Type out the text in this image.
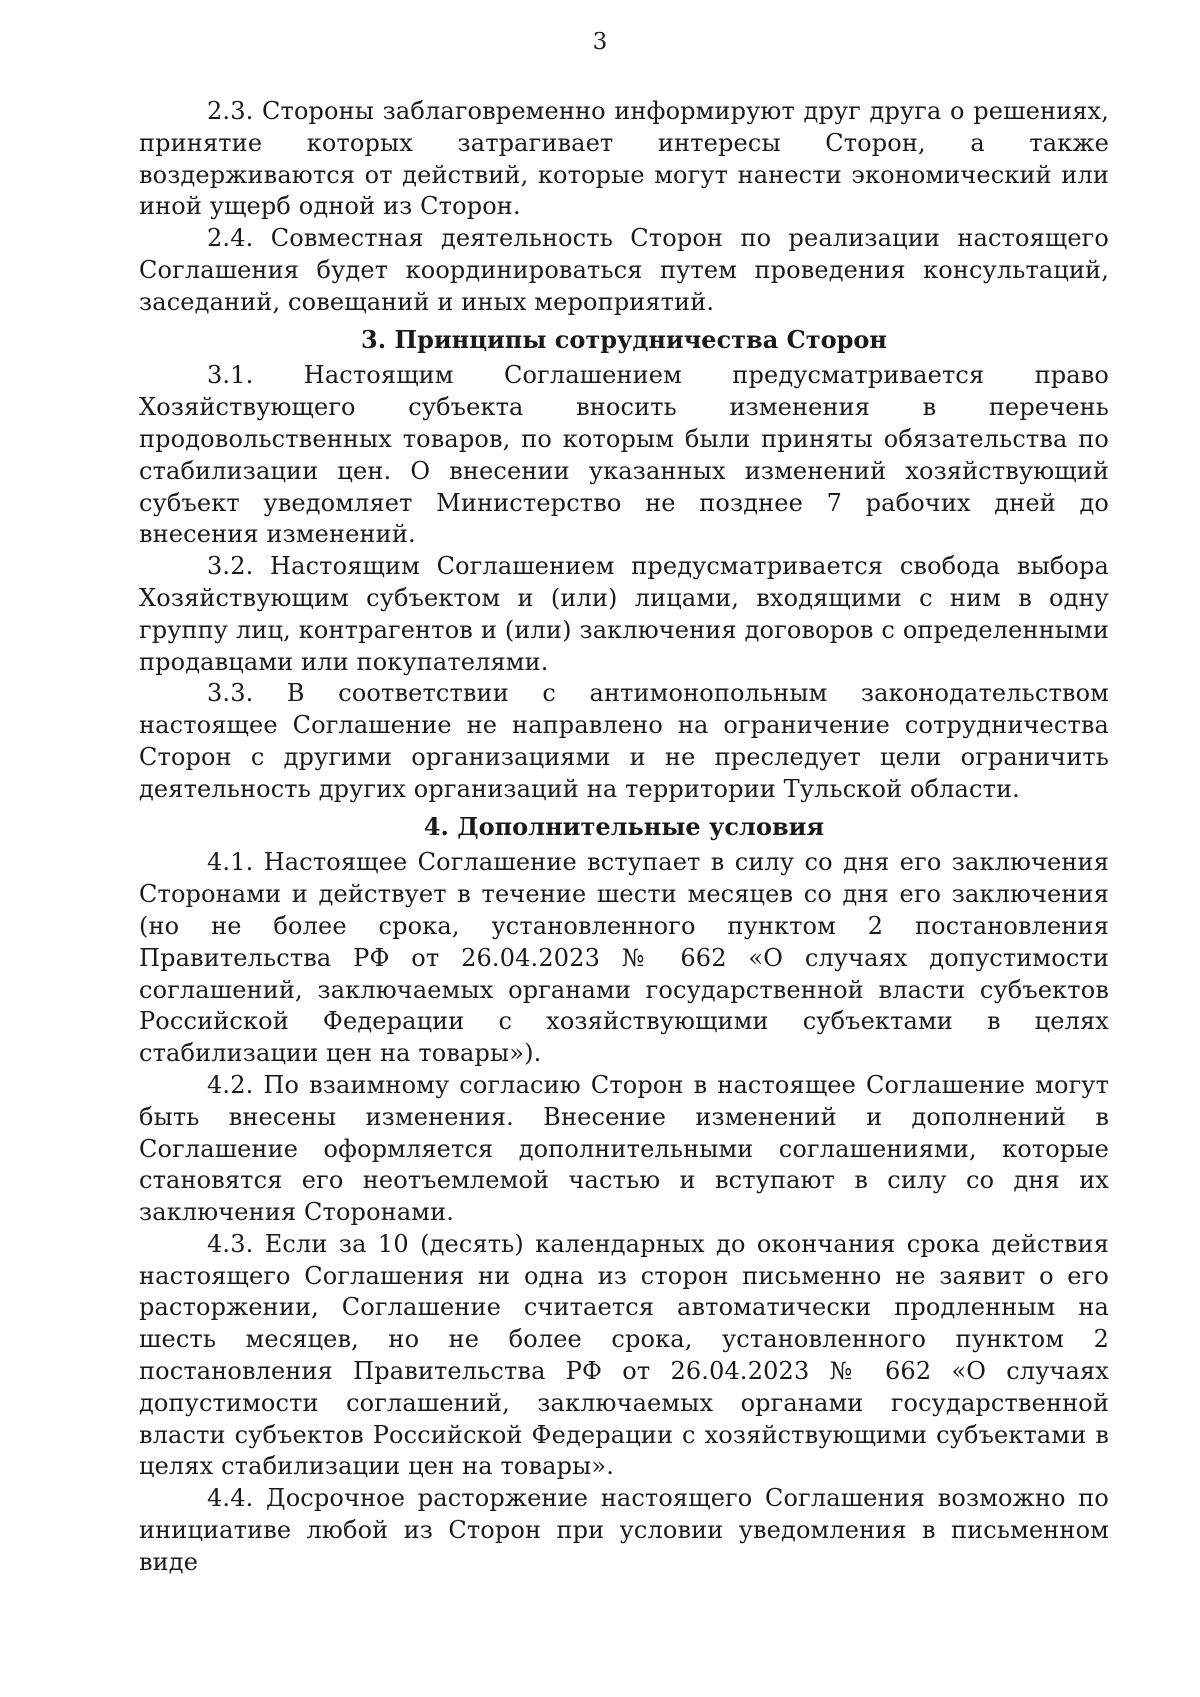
3

2.3. Стороны заблаговременно информируют друг друга о решениях, принятие которых затрагивает интересы Сторон, а также воздерживаются от действий, которые могут нанести экономический или иной ущерб одной из Сторон.

2.4. Совместная деятельность Сторон по реализации настоящего Соглашения будет координироваться путем проведения консультаций, заседаний, совещаний и иных мероприятий.

3. Принципы сотрудничества Сторон

3.1. Настоящим Соглашением предусматривается право Хозяйствующего субъекта вносить изменения в перечень продовольственных товаров, по которым были приняты обязательства по стабилизации цен. О внесении указанных изменений хозяйствующий субъект уведомляет Министерство не позднее 7 рабочих дней до внесения изменений.

3.2. Настоящим Соглашением предусматривается свобода выбора Хозяйствующим субъектом и (или) лицами, входящими с ним в одну группу лиц, контрагентов и (или) заключения договоров с определенными продавцами или покупателями.

3.3. В соответствии с антимонопольным законодательством настоящее Соглашение не направлено на ограничение сотрудничества Сторон с другими организациями и не преследует цели ограничить деятельность других организаций на территории Тульской области.

4. Дополнительные условия

4.1. Настоящее Соглашение вступает в силу со дня его заключения Сторонами и действует в течение шести месяцев со дня его заключения (но не более срока, установленного пунктом 2 постановления Правительства РФ от 26.04.2023 № 662 «О случаях допустимости соглашений, заключаемых органами государственной власти субъектов Российской Федерации с хозяйствующими субъектами в целях стабилизации цен на товары»).

4.2. По взаимному согласию Сторон в настоящее Соглашение могут быть внесены изменения. Внесение изменений и дополнений в Соглашение оформляется дополнительными соглашениями, которые становятся его неотъемлемой частью и вступают в силу со дня их заключения Сторонами.

4.3. Если за 10 (десять) календарных до окончания срока действия настоящего Соглашения ни одна из сторон письменно не заявит о его расторжении, Соглашение считается автоматически продленным на шесть месяцев, но не более срока, установленного пунктом 2 постановления Правительства РФ от 26.04.2023 № 662 «О случаях допустимости соглашений, заключаемых органами государственной власти субъектов Российской Федерации с хозяйствующими субъектами в целях стабилизации цен на товары».

4.4. Досрочное расторжение настоящего Соглашения возможно по инициативе любой из Сторон при условии уведомления в письменном виде
